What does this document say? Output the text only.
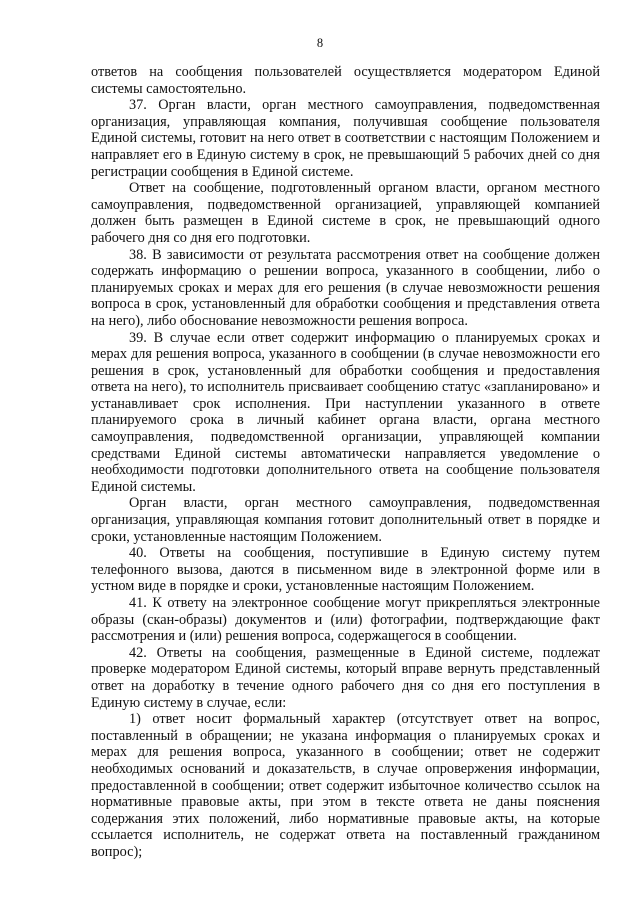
8

ответов на сообщения пользователей осуществляется модератором Единой системы самостоятельно.

37. Орган власти, орган местного самоуправления, подведомственная организация, управляющая компания, получившая сообщение пользователя Единой системы, готовит на него ответ в соответствии с настоящим Положением и направляет его в Единую систему в срок, не превышающий 5 рабочих дней со дня регистрации сообщения в Единой системе.

Ответ на сообщение, подготовленный органом власти, органом местного самоуправления, подведомственной организацией, управляющей компанией должен быть размещен в Единой системе в срок, не превышающий одного рабочего дня со дня его подготовки.

38. В зависимости от результата рассмотрения ответ на сообщение должен содержать информацию о решении вопроса, указанного в сообщении, либо о планируемых сроках и мерах для его решения (в случае невозможности решения вопроса в срок, установленный для обработки сообщения и представления ответа на него), либо обоснование невозможности решения вопроса.

39. В случае если ответ содержит информацию о планируемых сроках и мерах для решения вопроса, указанного в сообщении (в случае невозможности его решения в срок, установленный для обработки сообщения и предоставления ответа на него), то исполнитель присваивает сообщению статус «запланировано» и устанавливает срок исполнения. При наступлении указанного в ответе планируемого срока в личный кабинет органа власти, органа местного самоуправления, подведомственной организации, управляющей компании средствами Единой системы автоматически направляется уведомление о необходимости подготовки дополнительного ответа на сообщение пользователя Единой системы.

Орган власти, орган местного самоуправления, подведомственная организация, управляющая компания готовит дополнительный ответ в порядке и сроки, установленные настоящим Положением.

40. Ответы на сообщения, поступившие в Единую систему путем телефонного вызова, даются в письменном виде в электронной форме или в устном виде в порядке и сроки, установленные настоящим Положением.

41. К ответу на электронное сообщение могут прикрепляться электронные образы (скан-образы) документов и (или) фотографии, подтверждающие факт рассмотрения и (или) решения вопроса, содержащегося в сообщении.

42. Ответы на сообщения, размещенные в Единой системе, подлежат проверке модератором Единой системы, который вправе вернуть представленный ответ на доработку в течение одного рабочего дня со дня его поступления в Единую систему в случае, если:

1) ответ носит формальный характер (отсутствует ответ на вопрос, поставленный в обращении; не указана информация о планируемых сроках и мерах для решения вопроса, указанного в сообщении; ответ не содержит необходимых оснований и доказательств, в случае опровержения информации, предоставленной в сообщении; ответ содержит избыточное количество ссылок на нормативные правовые акты, при этом в тексте ответа не даны пояснения содержания этих положений, либо нормативные правовые акты, на которые ссылается исполнитель, не содержат ответа на поставленный гражданином вопрос);
